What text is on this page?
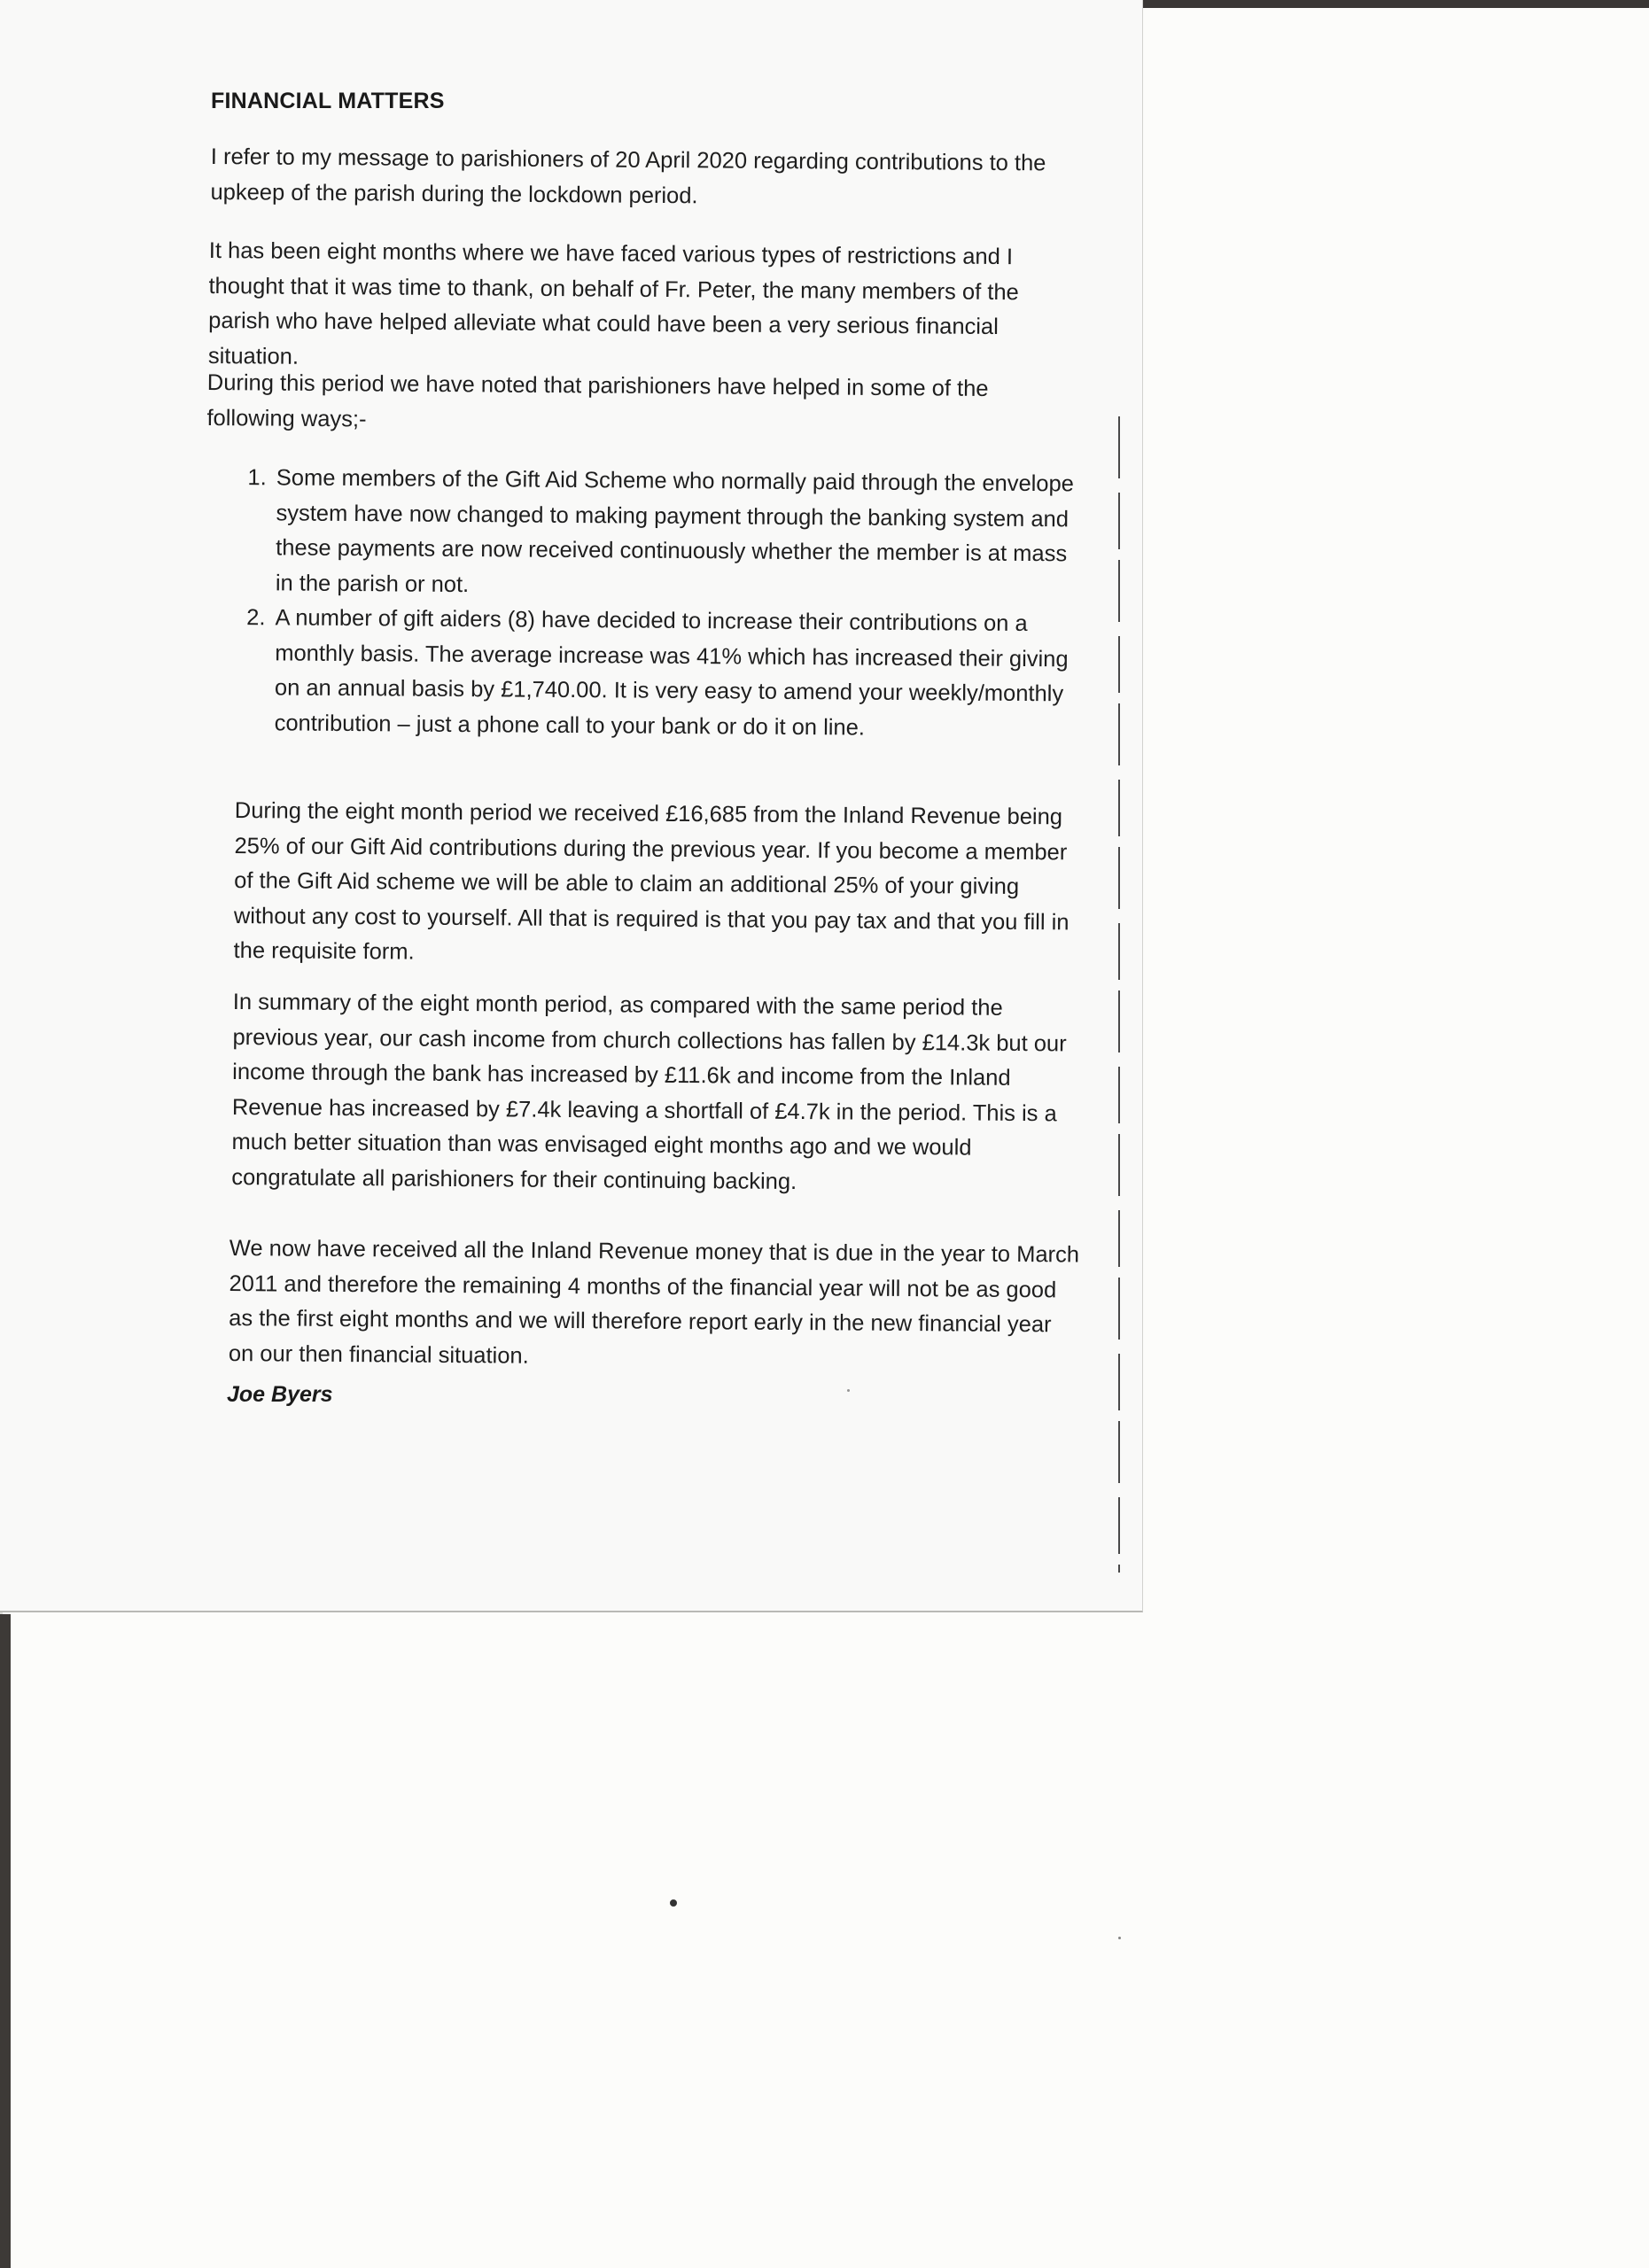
FINANCIAL MATTERS

I refer to my message to parishioners of 20 April 2020 regarding contributions to the upkeep of the parish during the lockdown period.

It has been eight months where we have faced various types of restrictions and I thought that it was time to thank, on behalf of Fr. Peter, the many members of the parish who have helped alleviate what could have been a very serious financial situation.

During this period we have noted that parishioners have helped in some of the following ways;-

1. Some members of the Gift Aid Scheme who normally paid through the envelope system have now changed to making payment through the banking system and these payments are now received continuously whether the member is at mass in the parish or not.
2. A number of gift aiders (8) have decided to increase their contributions on a monthly basis. The average increase was 41% which has increased their giving on an annual basis by £1,740.00. It is very easy to amend your weekly/monthly contribution – just a phone call to your bank or do it on line.

During the eight month period we received £16,685 from the Inland Revenue being 25% of our Gift Aid contributions during the previous year. If you become a member of the Gift Aid scheme we will be able to claim an additional 25% of your giving without any cost to yourself. All that is required is that you pay tax and that you fill in the requisite form.

In summary of the eight month period, as compared with the same period the previous year, our cash income from church collections has fallen by £14.3k but our income through the bank has increased by £11.6k and income from the Inland Revenue has increased by £7.4k leaving a shortfall of £4.7k in the period. This is a much better situation than was envisaged eight months ago and we would congratulate all parishioners for their continuing backing.

We now have received all the Inland Revenue money that is due in the year to March 2011 and therefore the remaining 4 months of the financial year will not be as good as the first eight months and we will therefore report early in the new financial year on our then financial situation.

Joe Byers
